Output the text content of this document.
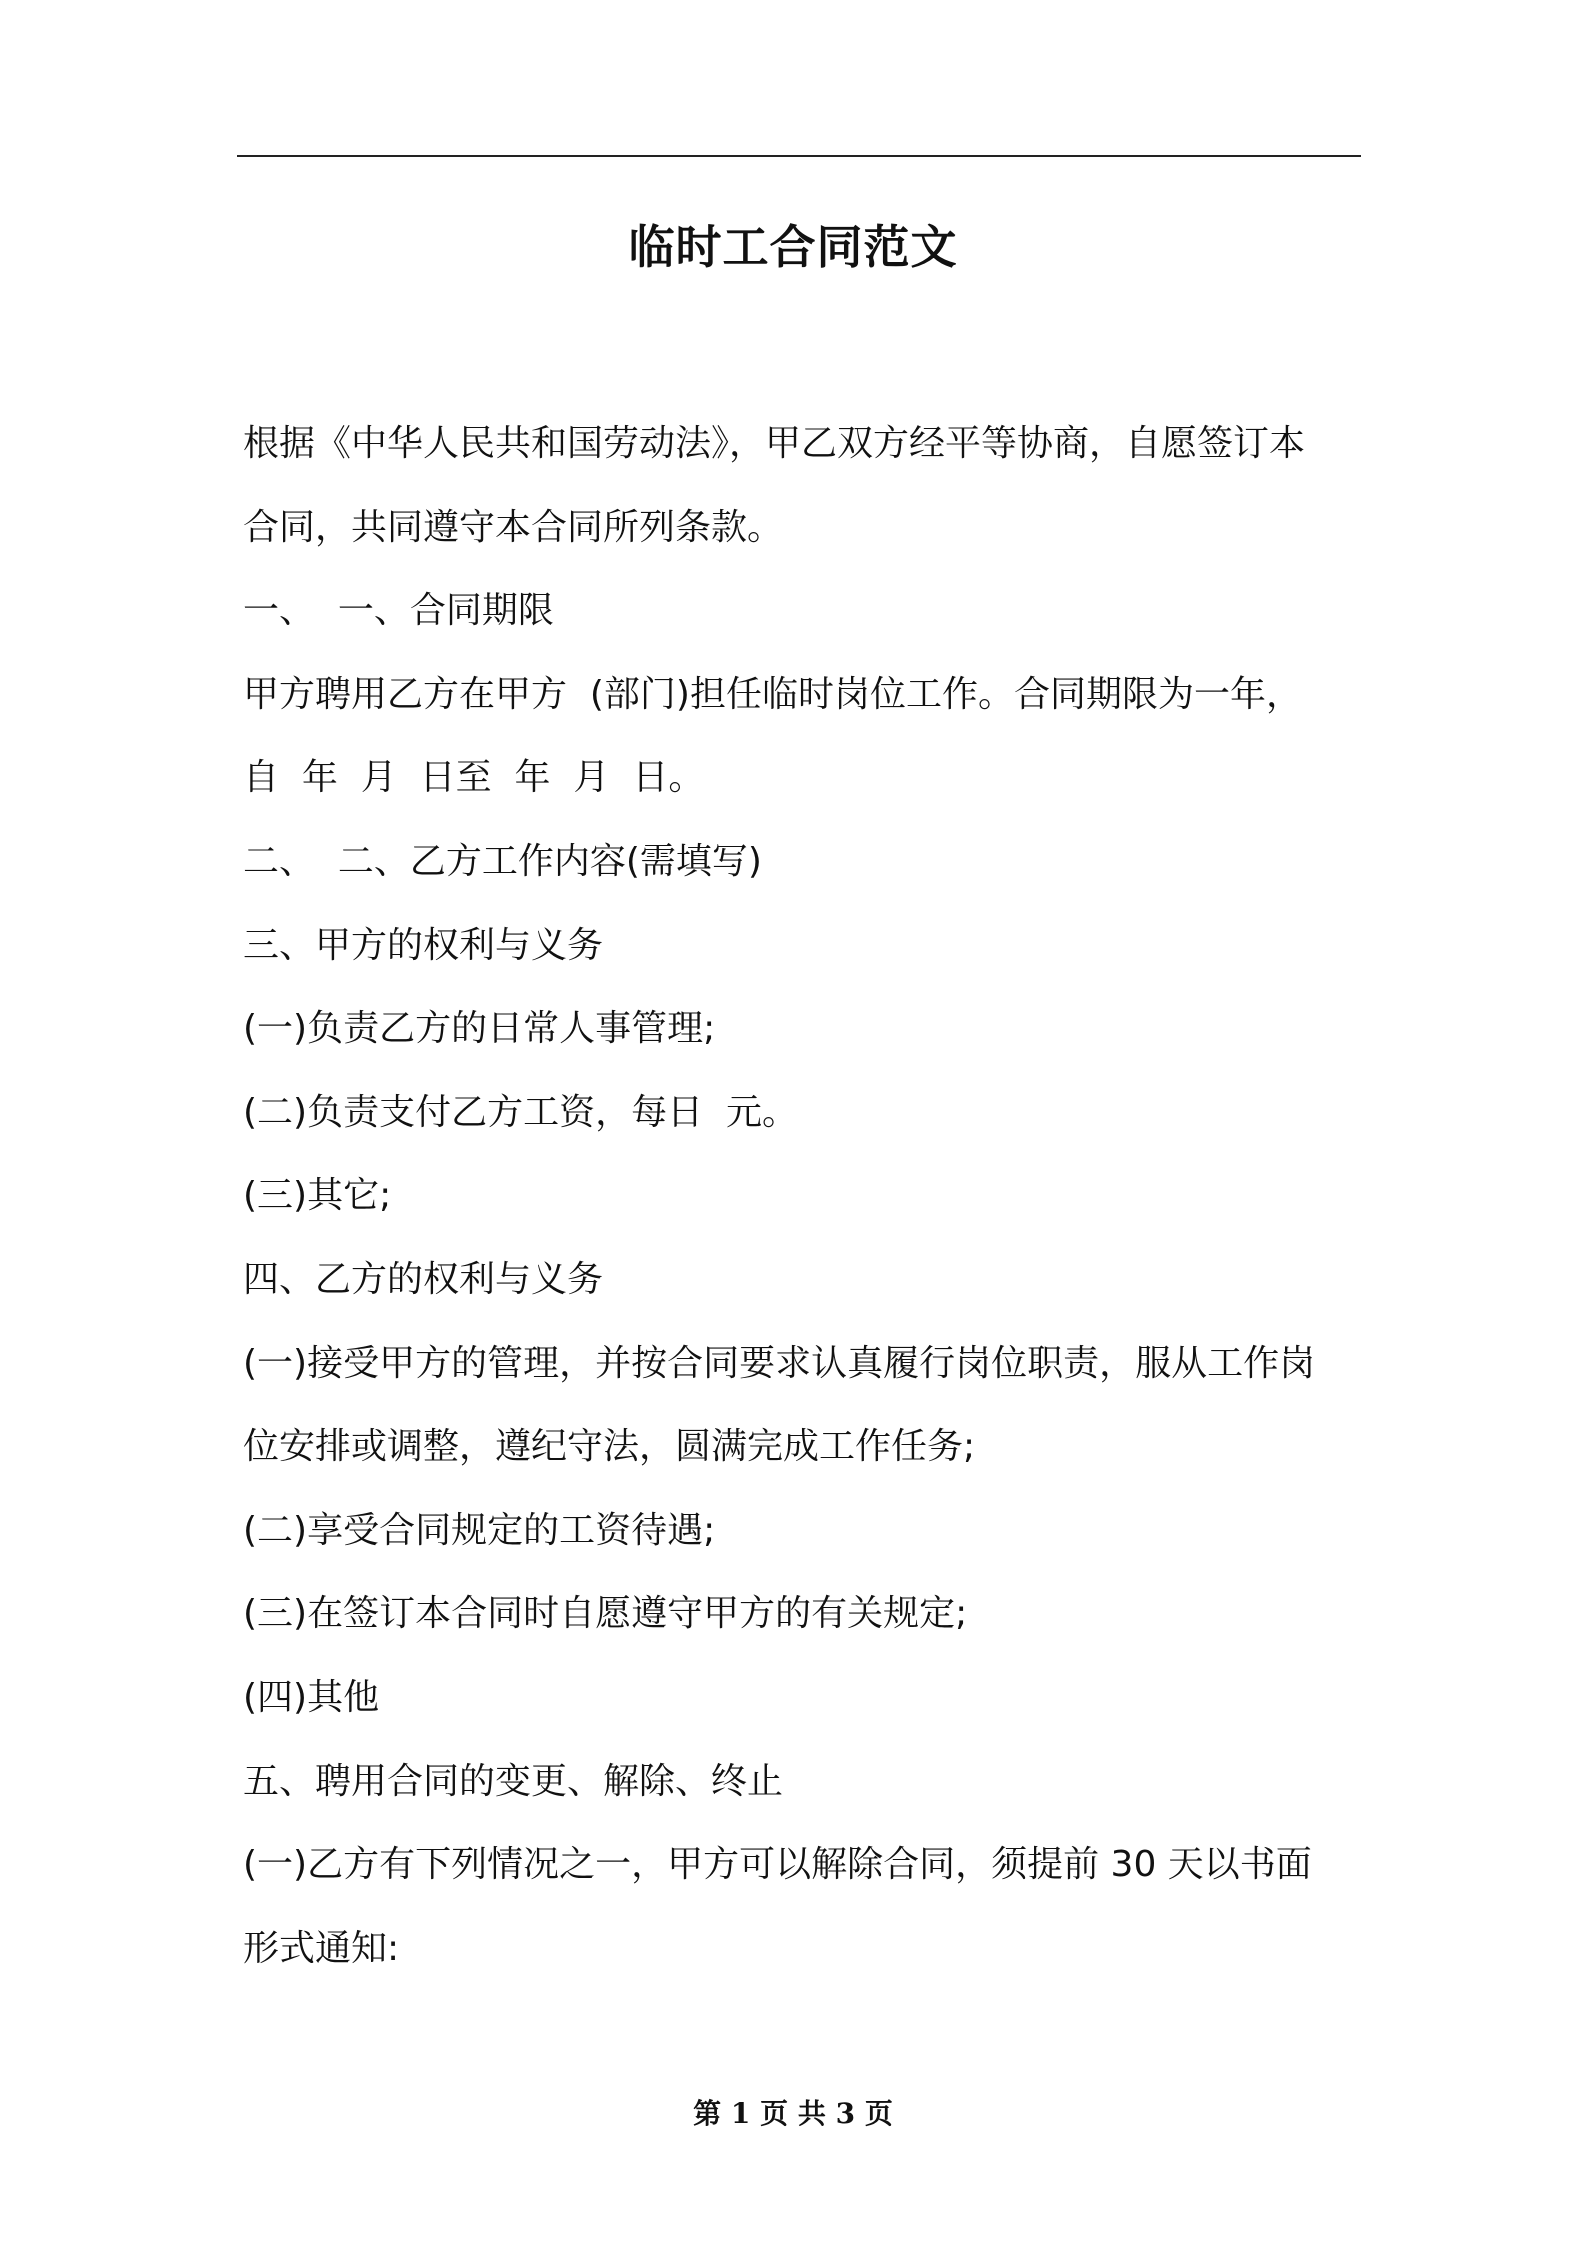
临时工合同范文
根据《中华人民共和国劳动法》，甲乙双方经平等协商，自愿签订本
合同，共同遵守本合同所列条款。
一、  一、合同期限
甲方聘用乙方在甲方  (部门)担任临时岗位工作。合同期限为一年，
自  年  月  日至  年  月  日。
二、  二、乙方工作内容(需填写)
三、甲方的权利与义务
(一)负责乙方的日常人事管理;
(二)负责支付乙方工资，每日  元。
(三)其它;
四、乙方的权利与义务
(一)接受甲方的管理，并按合同要求认真履行岗位职责，服从工作岗
位安排或调整，遵纪守法，圆满完成工作任务;
(二)享受合同规定的工资待遇;
(三)在签订本合同时自愿遵守甲方的有关规定;
(四)其他
五、聘用合同的变更、解除、终止
(一)乙方有下列情况之一，甲方可以解除合同，须提前 30 天以书面
形式通知:
第 1 页 共 3 页
